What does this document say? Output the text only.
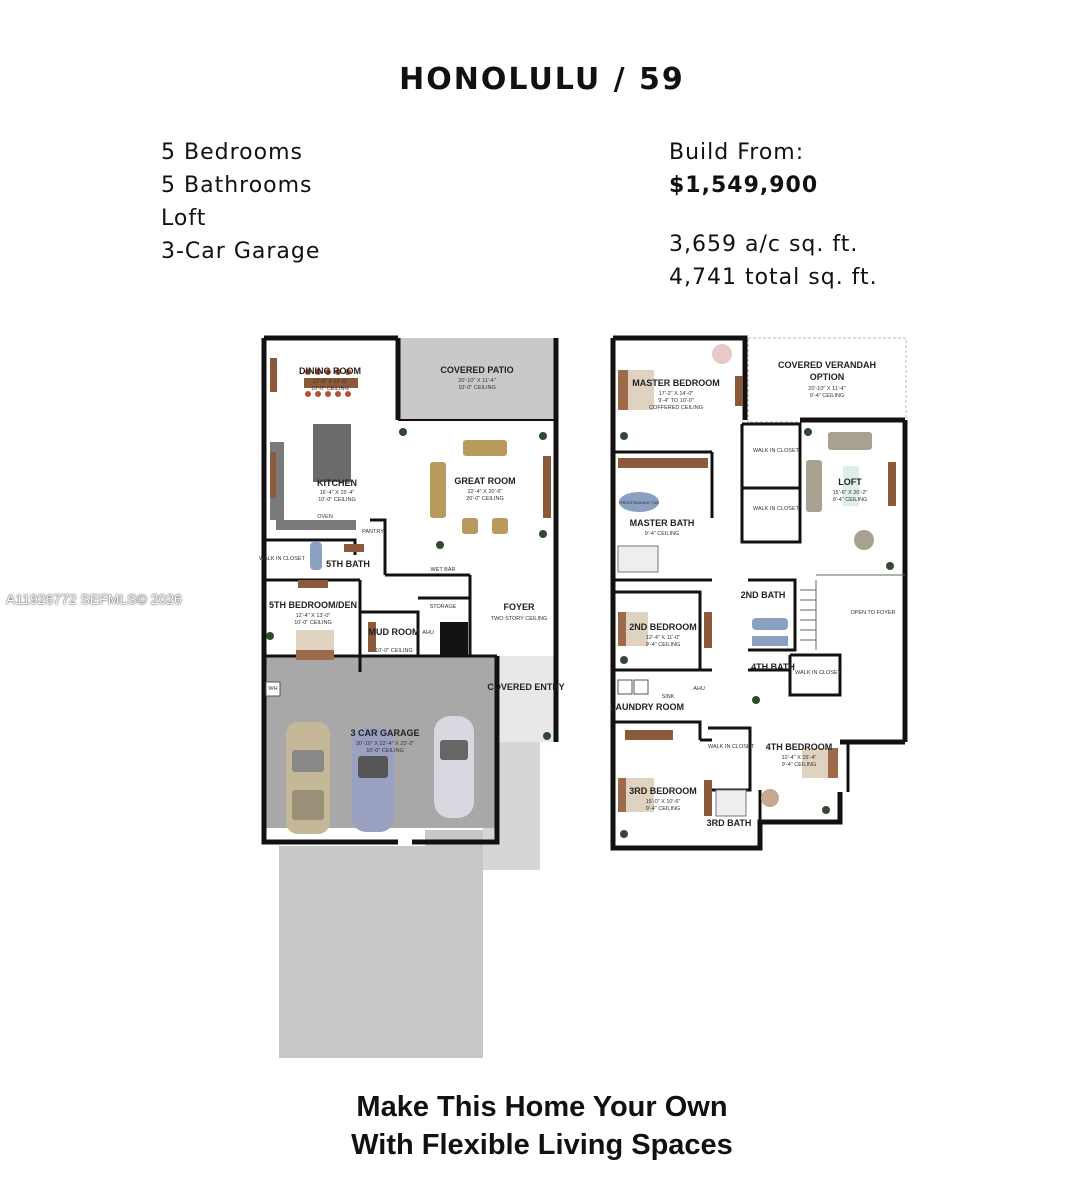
HONOLULU / 59
5 Bedrooms
5 Bathrooms
Loft
3-Car Garage
Build From:
$1,549,900
3,659 a/c sq. ft.
4,741 total sq. ft.
A11926772 SEFMLS© 2026
DINING ROOM
17'-3" X 12'-0"
10'-0" CEILING
COVERED PATIO
20'-10" X 11'-4"
10'-0" CEILING
KITCHEN
16'-4" X 15'-4"
10'-0" CEILING
GREAT ROOM
22'-4" X 20'-6"
20'-0" CEILING
WALK IN CLOSET 5TH BATH
PANTRY
OVEN
WET BAR
5TH BEDROOM/DEN
12'-4" X 13'-0"
10'-0" CEILING
STORAGE	FOYER
TWO STORY CEILING
MUD ROOM
10'-0" CEILING
AHU
COVERED ENTRY
WH
3 CAR GARAGE
30'-10" X 22'-4" X 23'-2"
10'-0" CEILING
MASTER BEDROOM
17'-2" X 14'-0"
9'-4" TO 10'-0"
COFFERED CEILING
COVERED VERANDAH
OPTION
20'-10" X 11'-4"
9'-4" CEILING
WALK IN CLOSET
WALK IN CLOSET
LOFT
15'-6" X 20'-2"
9'-4" CEILING
FREESTANDING TUB
MASTER BATH
9'-4" CEILING
2ND BATH
2ND BEDROOM
12'-4" X 11'-0"
9'-4" CEILING
OPEN TO FOYER
4TH BATH
WALK IN CLOSET
SINK
AHU
LAUNDRY ROOM
WALK IN CLOSET 4TH BEDROOM
12'-4" X 15'-4"
9'-4" CEILING
3RD BEDROOM
15'-0" X 10'-6"
9'-4" CEILING
3RD BATH
Make This Home Your Own
With Flexible Living Spaces
